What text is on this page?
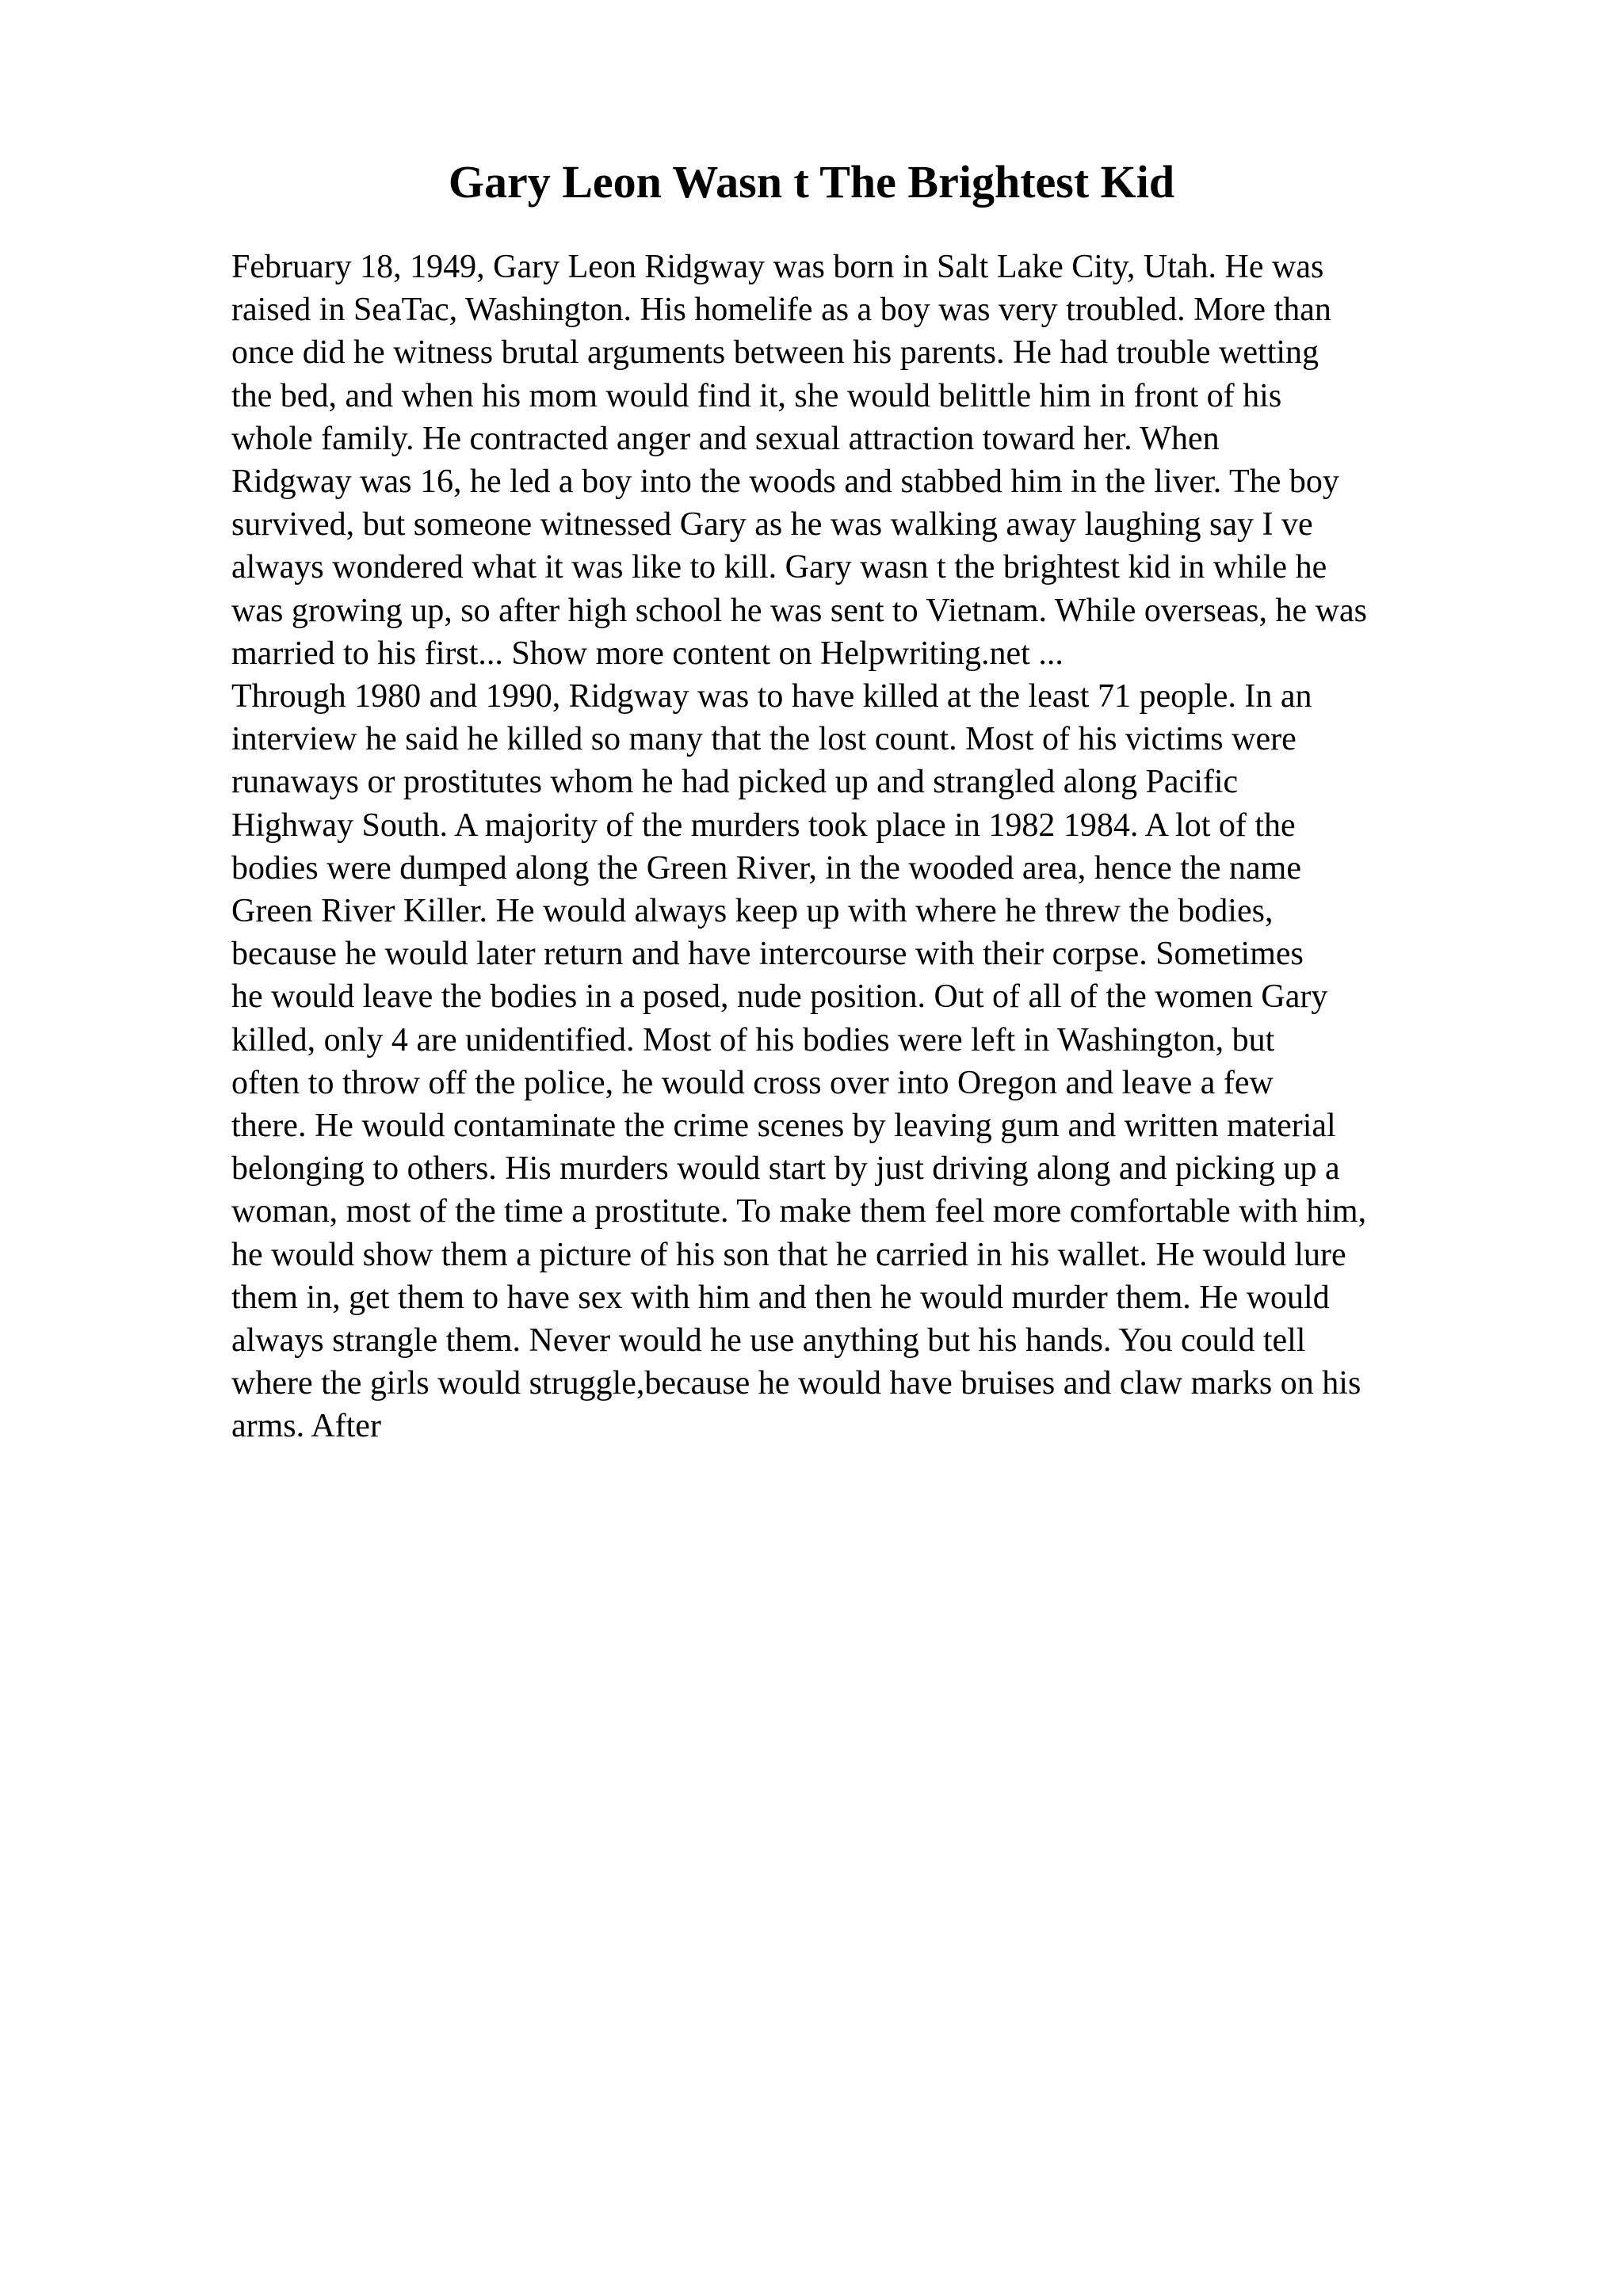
Gary Leon Wasn t The Brightest Kid
February 18, 1949, Gary Leon Ridgway was born in Salt Lake City, Utah. He was
raised in SeaTac, Washington. His homelife as a boy was very troubled. More than
once did he witness brutal arguments between his parents. He had trouble wetting
the bed, and when his mom would find it, she would belittle him in front of his
whole family. He contracted anger and sexual attraction toward her. When
Ridgway was 16, he led a boy into the woods and stabbed him in the liver. The boy
survived, but someone witnessed Gary as he was walking away laughing say I ve
always wondered what it was like to kill. Gary wasn t the brightest kid in while he
was growing up, so after high school he was sent to Vietnam. While overseas, he was
married to his first... Show more content on Helpwriting.net ...
Through 1980 and 1990, Ridgway was to have killed at the least 71 people. In an
interview he said he killed so many that the lost count. Most of his victims were
runaways or prostitutes whom he had picked up and strangled along Pacific
Highway South. A majority of the murders took place in 1982 1984. A lot of the
bodies were dumped along the Green River, in the wooded area, hence the name
Green River Killer. He would always keep up with where he threw the bodies,
because he would later return and have intercourse with their corpse. Sometimes
he would leave the bodies in a posed, nude position. Out of all of the women Gary
killed, only 4 are unidentified. Most of his bodies were left in Washington, but
often to throw off the police, he would cross over into Oregon and leave a few
there. He would contaminate the crime scenes by leaving gum and written material
belonging to others. His murders would start by just driving along and picking up a
woman, most of the time a prostitute. To make them feel more comfortable with him,
he would show them a picture of his son that he carried in his wallet. He would lure
them in, get them to have sex with him and then he would murder them. He would
always strangle them. Never would he use anything but his hands. You could tell
where the girls would struggle,because he would have bruises and claw marks on his
arms. After
